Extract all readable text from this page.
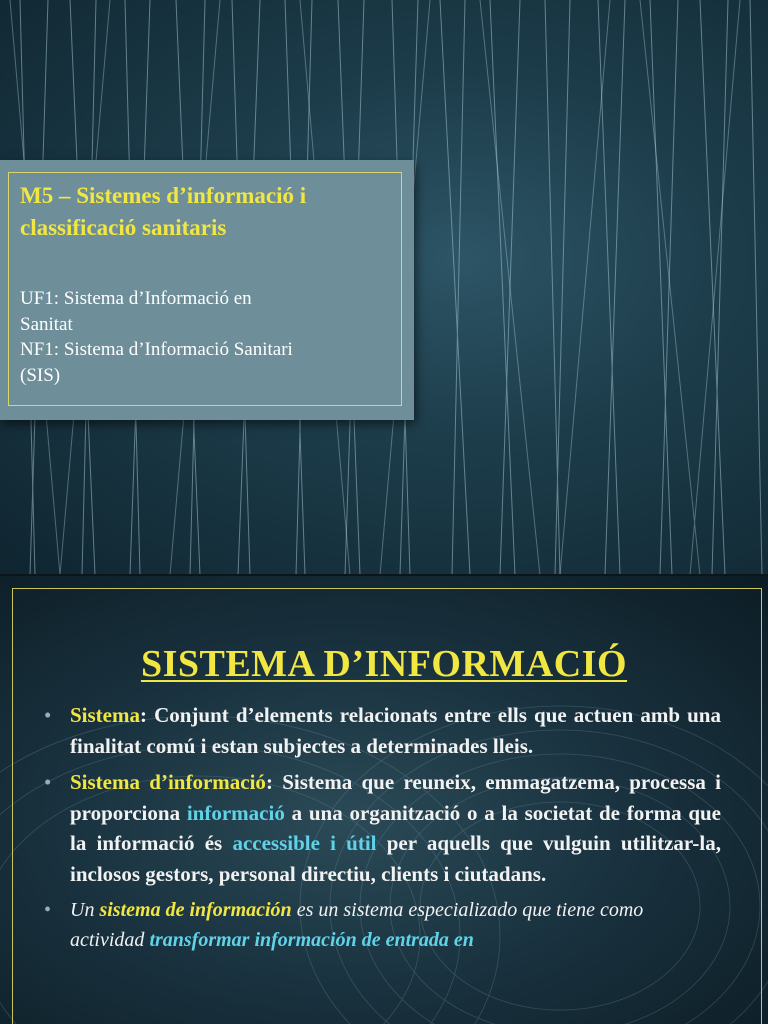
M5 – Sistemes d’informació i
classificació sanitaris

UF1: Sistema d’Informació en
Sanitat
NF1: Sistema d’Informació Sanitari
(SIS)

SISTEMA D’INFORMACIÓ
• Sistema: Conjunt d’elements relacionats entre ells que actuen amb una finalitat comú i estan subjectes a determinades lleis.
• Sistema d’informació: Sistema que reuneix, emmagatzema, processa i proporciona informació a una organització o a la societat de forma que la informació és accessible i útil per aquells que vulguin utilitzar-la, inclosos gestors, personal directiu, clients i ciutadans.
• Un sistema de información es un sistema especializado que tiene como actividad transformar información de entrada en
